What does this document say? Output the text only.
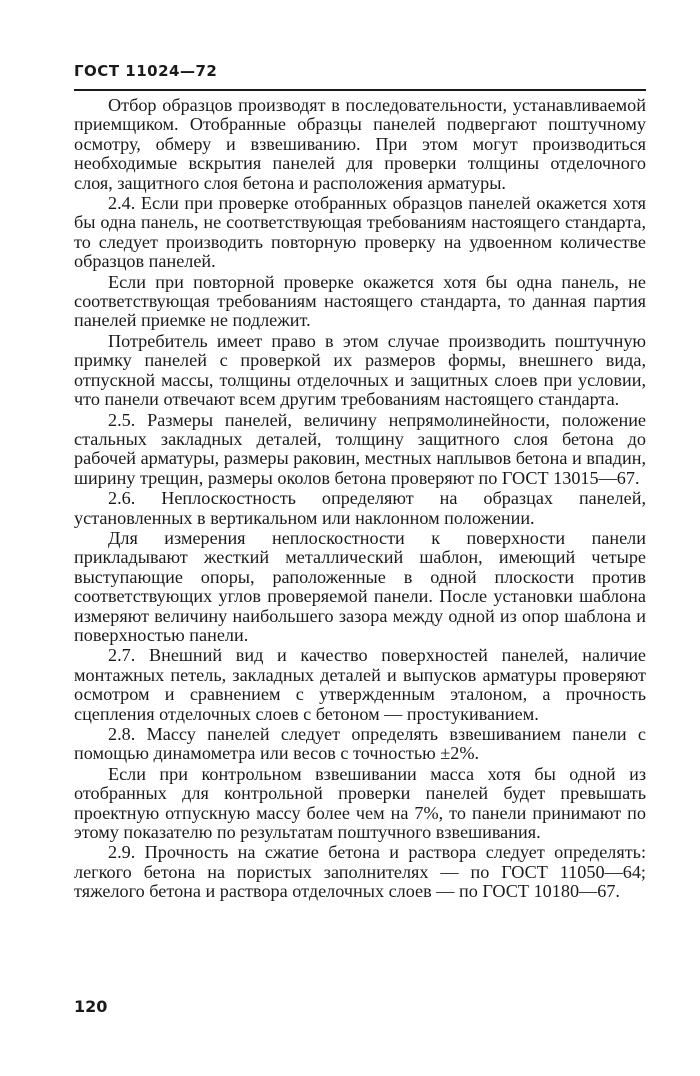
ГОСТ 11024—72

Отбор образцов производят в последовательности, устанавливаемой приемщиком. Отобранные образцы панелей подвергают поштучному осмотру, обмеру и взвешиванию. При этом могут производиться необходимые вскрытия панелей для проверки толщины отделочного слоя, защитного слоя бетона и расположения арматуры.

2.4. Если при проверке отобранных образцов панелей окажется хотя бы одна панель, не соответствующая требованиям настоящего стандарта, то следует производить повторную проверку на удвоенном количестве образцов панелей.

Если при повторной проверке окажется хотя бы одна панель, не соответствующая требованиям настоящего стандарта, то данная партия панелей приемке не подлежит.

Потребитель имеет право в этом случае производить поштучную примку панелей с проверкой их размеров формы, внешнего вида, отпускной массы, толщины отделочных и защитных слоев при условии, что панели отвечают всем другим требованиям настоящего стандарта.

2.5. Размеры панелей, величину непрямолинейности, положение стальных закладных деталей, толщину защитного слоя бетона до рабочей арматуры, размеры раковин, местных наплывов бетона и впадин, ширину трещин, размеры околов бетона проверяют по ГОСТ 13015—67.

2.6. Неплоскостность определяют на образцах панелей, установленных в вертикальном или наклонном положении.

Для измерения неплоскостности к поверхности панели прикладывают жесткий металлический шаблон, имеющий четыре выступающие опоры, раположенные в одной плоскости против соответствующих углов проверяемой панели. После установки шаблона измеряют величину наибольшего зазора между одной из опор шаблона и поверхностью панели.

2.7. Внешний вид и качество поверхностей панелей, наличие монтажных петель, закладных деталей и выпусков арматуры проверяют осмотром и сравнением с утвержденным эталоном, а прочность сцепления отделочных слоев с бетоном — простукиванием.

2.8. Массу панелей следует определять взвешиванием панели с помощью динамометра или весов с точностью ±2%.

Если при контрольном взвешивании масса хотя бы одной из отобранных для контрольной проверки панелей будет превышать проектную отпускную массу более чем на 7%, то панели принимают по этому показателю по результатам поштучного взвешивания.

2.9. Прочность на сжатие бетона и раствора следует определять: легкого бетона на пористых заполнителях — по ГОСТ 11050—64; тяжелого бетона и раствора отделочных слоев — по ГОСТ 10180—67.

120
